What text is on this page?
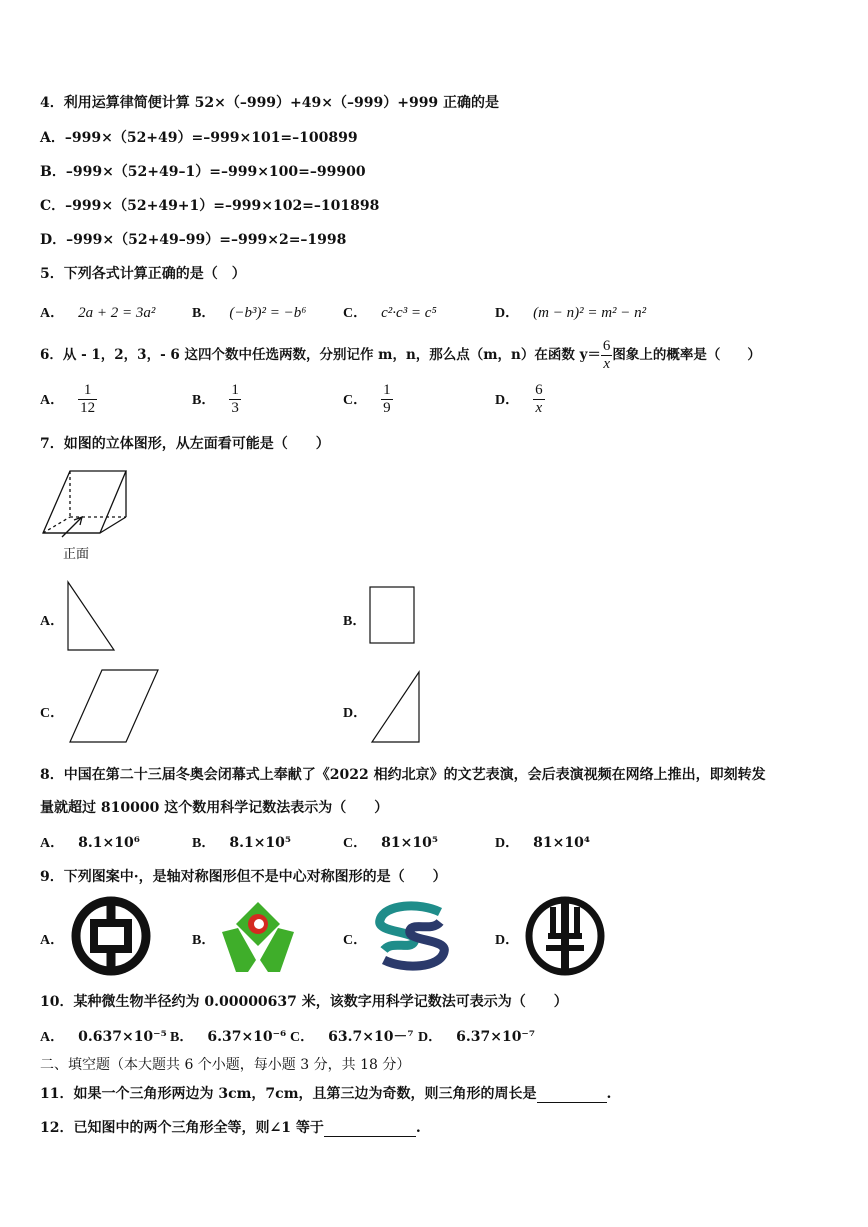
4．利用运算律简便计算 52×（–999）+49×（–999）+999 正确的是
A．–999×（52+49）=–999×101=–100899
B．–999×（52+49–1）=–999×100=–99900
C．–999×（52+49+1）=–999×102=–101898
D．–999×（52+49–99）=–999×2=–1998
5．下列各式计算正确的是（　）
A． 2a + 2 = 3a²	B． (−b³)² = −b⁶	C． c²·c³ = c⁵	D． (m − n)² = m² − n²
6．从 - 1，2，3，- 6 这四个数中任选两数，分别记作 m，n，那么点（m，n）在函数 $y= \frac{6}{x}$ 图象上的概率是（　　）
A． $\frac{1}{12}$	B． $\frac{1}{3}$	C． $\frac{1}{9}$	D． $\frac{6}{x}$
7．如图的立体图形，从左面看可能是（　　）
正面
A．	B．
C．	D．
8．中国在第二十三届冬奥会闭幕式上奉献了《2022 相约北京》的文艺表演，会后表演视频在网络上推出，即刻转发
量就超过 810000 这个数用科学记数法表示为（　　）
A． 8.1×10⁶	B． 8.1×10⁵	C． 81×10⁵	D． 81×10⁴
9．下列图案中·，是轴对称图形但不是中心对称图形的是（　　）
A．	B．	C．	D．
10．某种微生物半径约为 0.00000637 米，该数字用科学记数法可表示为（　　）
A． 0.637×10⁻⁵ B． 6.37×10⁻⁶ C． 63.7×10－⁷ D． 6.37×10⁻⁷
二、填空题（本大题共 6 个小题，每小题 3 分，共 18 分）
11．如果一个三角形两边为 3cm，7cm，且第三边为奇数，则三角形的周长是	.
12．已知图中的两个三角形全等，则∠1 等于	.
